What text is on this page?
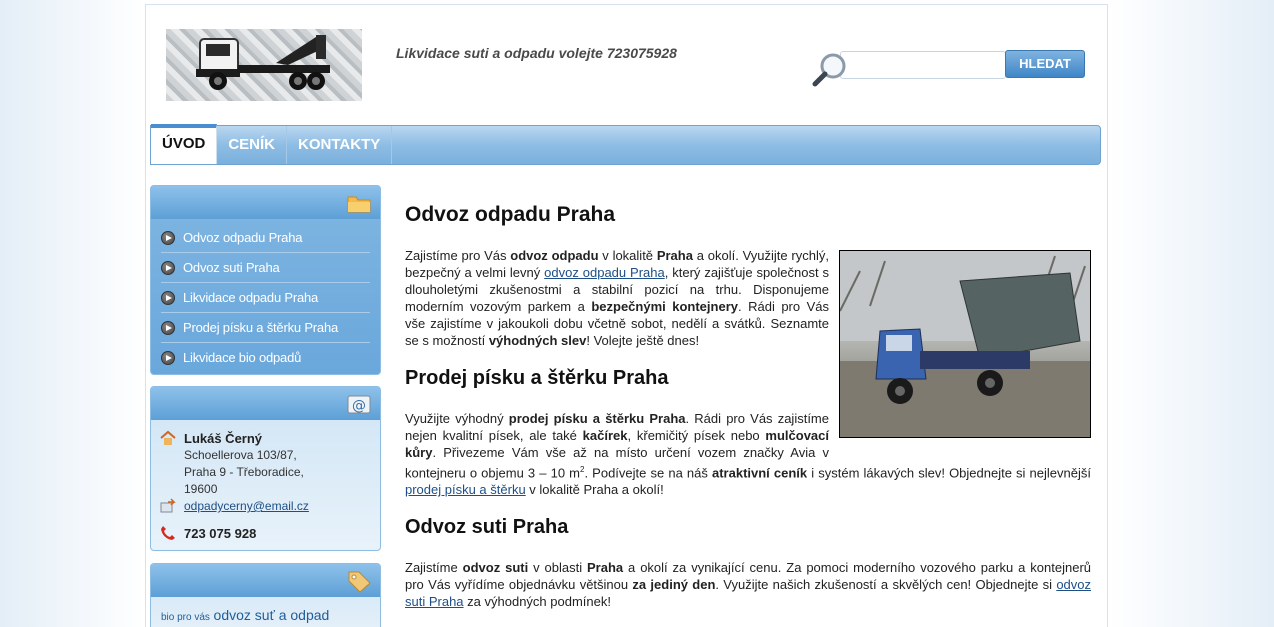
Likvidace suti a odpadu volejte 723075928
HLEDAT
ÚVOD	CENÍK	KONTAKTY
Odvoz odpadu Praha
Odvoz suti Praha
Likvidace odpadu Praha
Prodej písku a štěrku Praha
Likvidace bio odpadů
@
Lukáš Černý
Schoellerova 103/87,
Praha 9 - Třeboradice,
19600
odpadycerny@email.cz
723 075 928
bio pro vás odvoz suť a odpad
Odvoz odpadu Praha

Zajistíme pro Vás odvoz odpadu v lokalitě Praha a okolí. Využijte rychlý, bezpečný a velmi levný odvoz odpadu Praha, který zajišťuje společnost s dlouholetými zkušenostmi a stabilní pozicí na trhu. Disponujeme moderním vozovým parkem a bezpečnými kontejnery. Rádi pro Vás vše zajistíme v jakoukoli dobu včetně sobot, nedělí a svátků. Seznamte se s možností výhodných slev! Volejte ještě dnes!

Prodej písku a štěrku Praha

Využijte výhodný prodej písku a štěrku Praha. Rádi pro Vás zajistíme nejen kvalitní písek, ale také kačírek, křemičitý písek nebo mulčovací kůry. Přivezeme Vám vše až na místo určení vozem značky Avia v kontejneru o objemu 3 – 10 $m^2$. Podívejte se na náš atraktivní ceník i systém lákavých slev! Objednejte si nejlevnější prodej písku a štěrku v lokalitě Praha a okolí!

Odvoz suti Praha

Zajistíme odvoz suti v oblasti Praha a okolí za vynikající cenu. Za pomoci moderního vozového parku a kontejnerů pro Vás vyřídíme objednávku většinou za jediný den. Využijte našich zkušeností a skvělých cen! Objednejte si odvoz suti Praha za výhodných podmínek!
